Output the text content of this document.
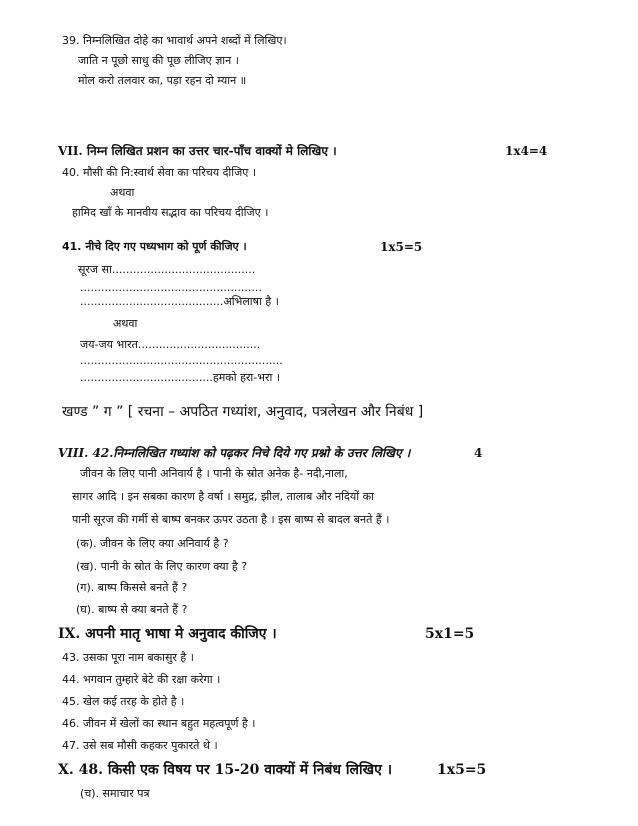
39. निम्नलिखित दोहे का भावार्थ अपने शब्दों में लिखिए।
जाति न पूछो साधु की पूछ लीजिए ज्ञान ।
मोल करो तलवार का, पड़ा रहन दो म्यान ॥
VII. निम्न लिखित प्रशन का उत्तर चार-पाँच वाक्यों मे लिखिए ।	1x4=4
40. मौसी की नि:स्वार्थ सेवा का परिचय दीजिए ।
अथवा
हामिद खाँ के मानवीय सद्भाव का परिचय दीजिए ।
41. नीचे दिए गए पध्यभाग को पूर्ण कीजिए ।	1x5=5
सूरज सा.........................................
....................................................
.........................................अभिलाषा है ।
अथवा
जय-जय भारत...................................
..........................................................
......................................हमको हरा-भरा ।
खण्ड ” ग ” [ रचना – अपठित गध्यांश, अनुवाद, पत्रलेखन और निबंध ]
VIII. 42.निम्नलिखित गध्यांश को पढ़कर निचे दिये गए प्रश्नो के उत्तर लिखिए ।	4
जीवन के लिए पानी अनिवार्य है । पानी के स्रोत अनेक है- नदी,नाला,
सागर आदि । इन सबका कारण है वर्षा । समुद्र, झील, तालाब और नदियों का
पानी सूरज की गर्मी से बाष्प बनकर ऊपर उठता है । इस बाष्प से बादल बनते हैं ।
(क). जीवन के लिए क्या अनिवार्य है ?
(ख). पानी के स्रोत के लिए कारण क्या है ?
(ग). बाष्प किससे बनते हैं ?
(घ). बाष्प से क्या बनते हैं ?
IX. अपनी मातृ भाषा मे अनुवाद कीजिए ।	5x1=5
43. उसका पूरा नाम बकासुर है ।
44. भगवान तुम्हारे बेटे की रक्षा करेगा ।
45. खेल कई तरह के होते है ।
46. जीवन में खेलों का स्थान बहुत महत्वपूर्ण है ।
47. उसे सब मौसी कहकर पुकारते थे ।
X. 48. किसी एक विषय पर 15-20 वाक्यों में निबंध लिखिए ।	1x5=5
(च). समाचार पत्र
